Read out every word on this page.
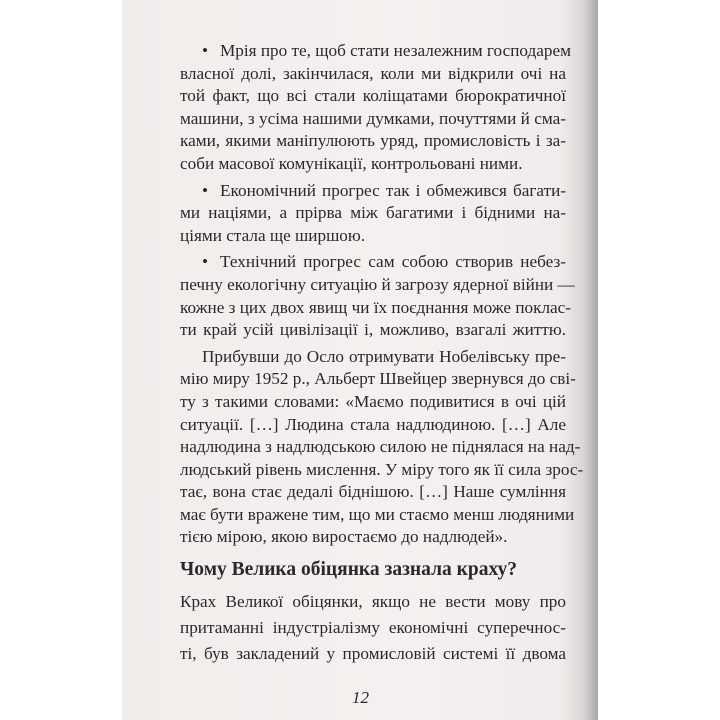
• Мрія про те, щоб стати незалежним господарем
власної долі, закінчилася, коли ми відкрили очі на
той факт, що всі стали коліщатами бюрократичної
машини, з усіма нашими думками, почуттями й сма-
ками, якими маніпулюють уряд, промисловість і за-
соби масової комунікації, контрольовані ними.
• Економічний прогрес так і обмежився багати-
ми націями, а прірва між багатими і бідними на-
ціями стала ще ширшою.
• Технічний прогрес сам собою створив небез-
печну екологічну ситуацію й загрозу ядерної війни —
кожне з цих двох явищ чи їх поєднання може поклас-
ти край усій цивілізації і, можливо, взагалі життю.
Прибувши до Осло отримувати Нобелівську пре-
мію миру 1952 р., Альберт Швейцер звернувся до сві-
ту з такими словами: «Маємо подивитися в очі цій
ситуації. […] Людина стала надлюдиною. […] Але
надлюдина з надлюдською силою не піднялася на над-
людський рівень мислення. У міру того як її сила зрос-
тає, вона стає дедалі біднішою. […] Наше сумління
має бути вражене тим, що ми стаємо менш людяними
тією мірою, якою виростаємо до надлюдей».
Чому Велика обіцянка зазнала краху?
Крах Великої обіцянки, якщо не вести мову про
притаманні індустріалізму економічні суперечнос-
ті, був закладений у промисловій системі її двома
12
